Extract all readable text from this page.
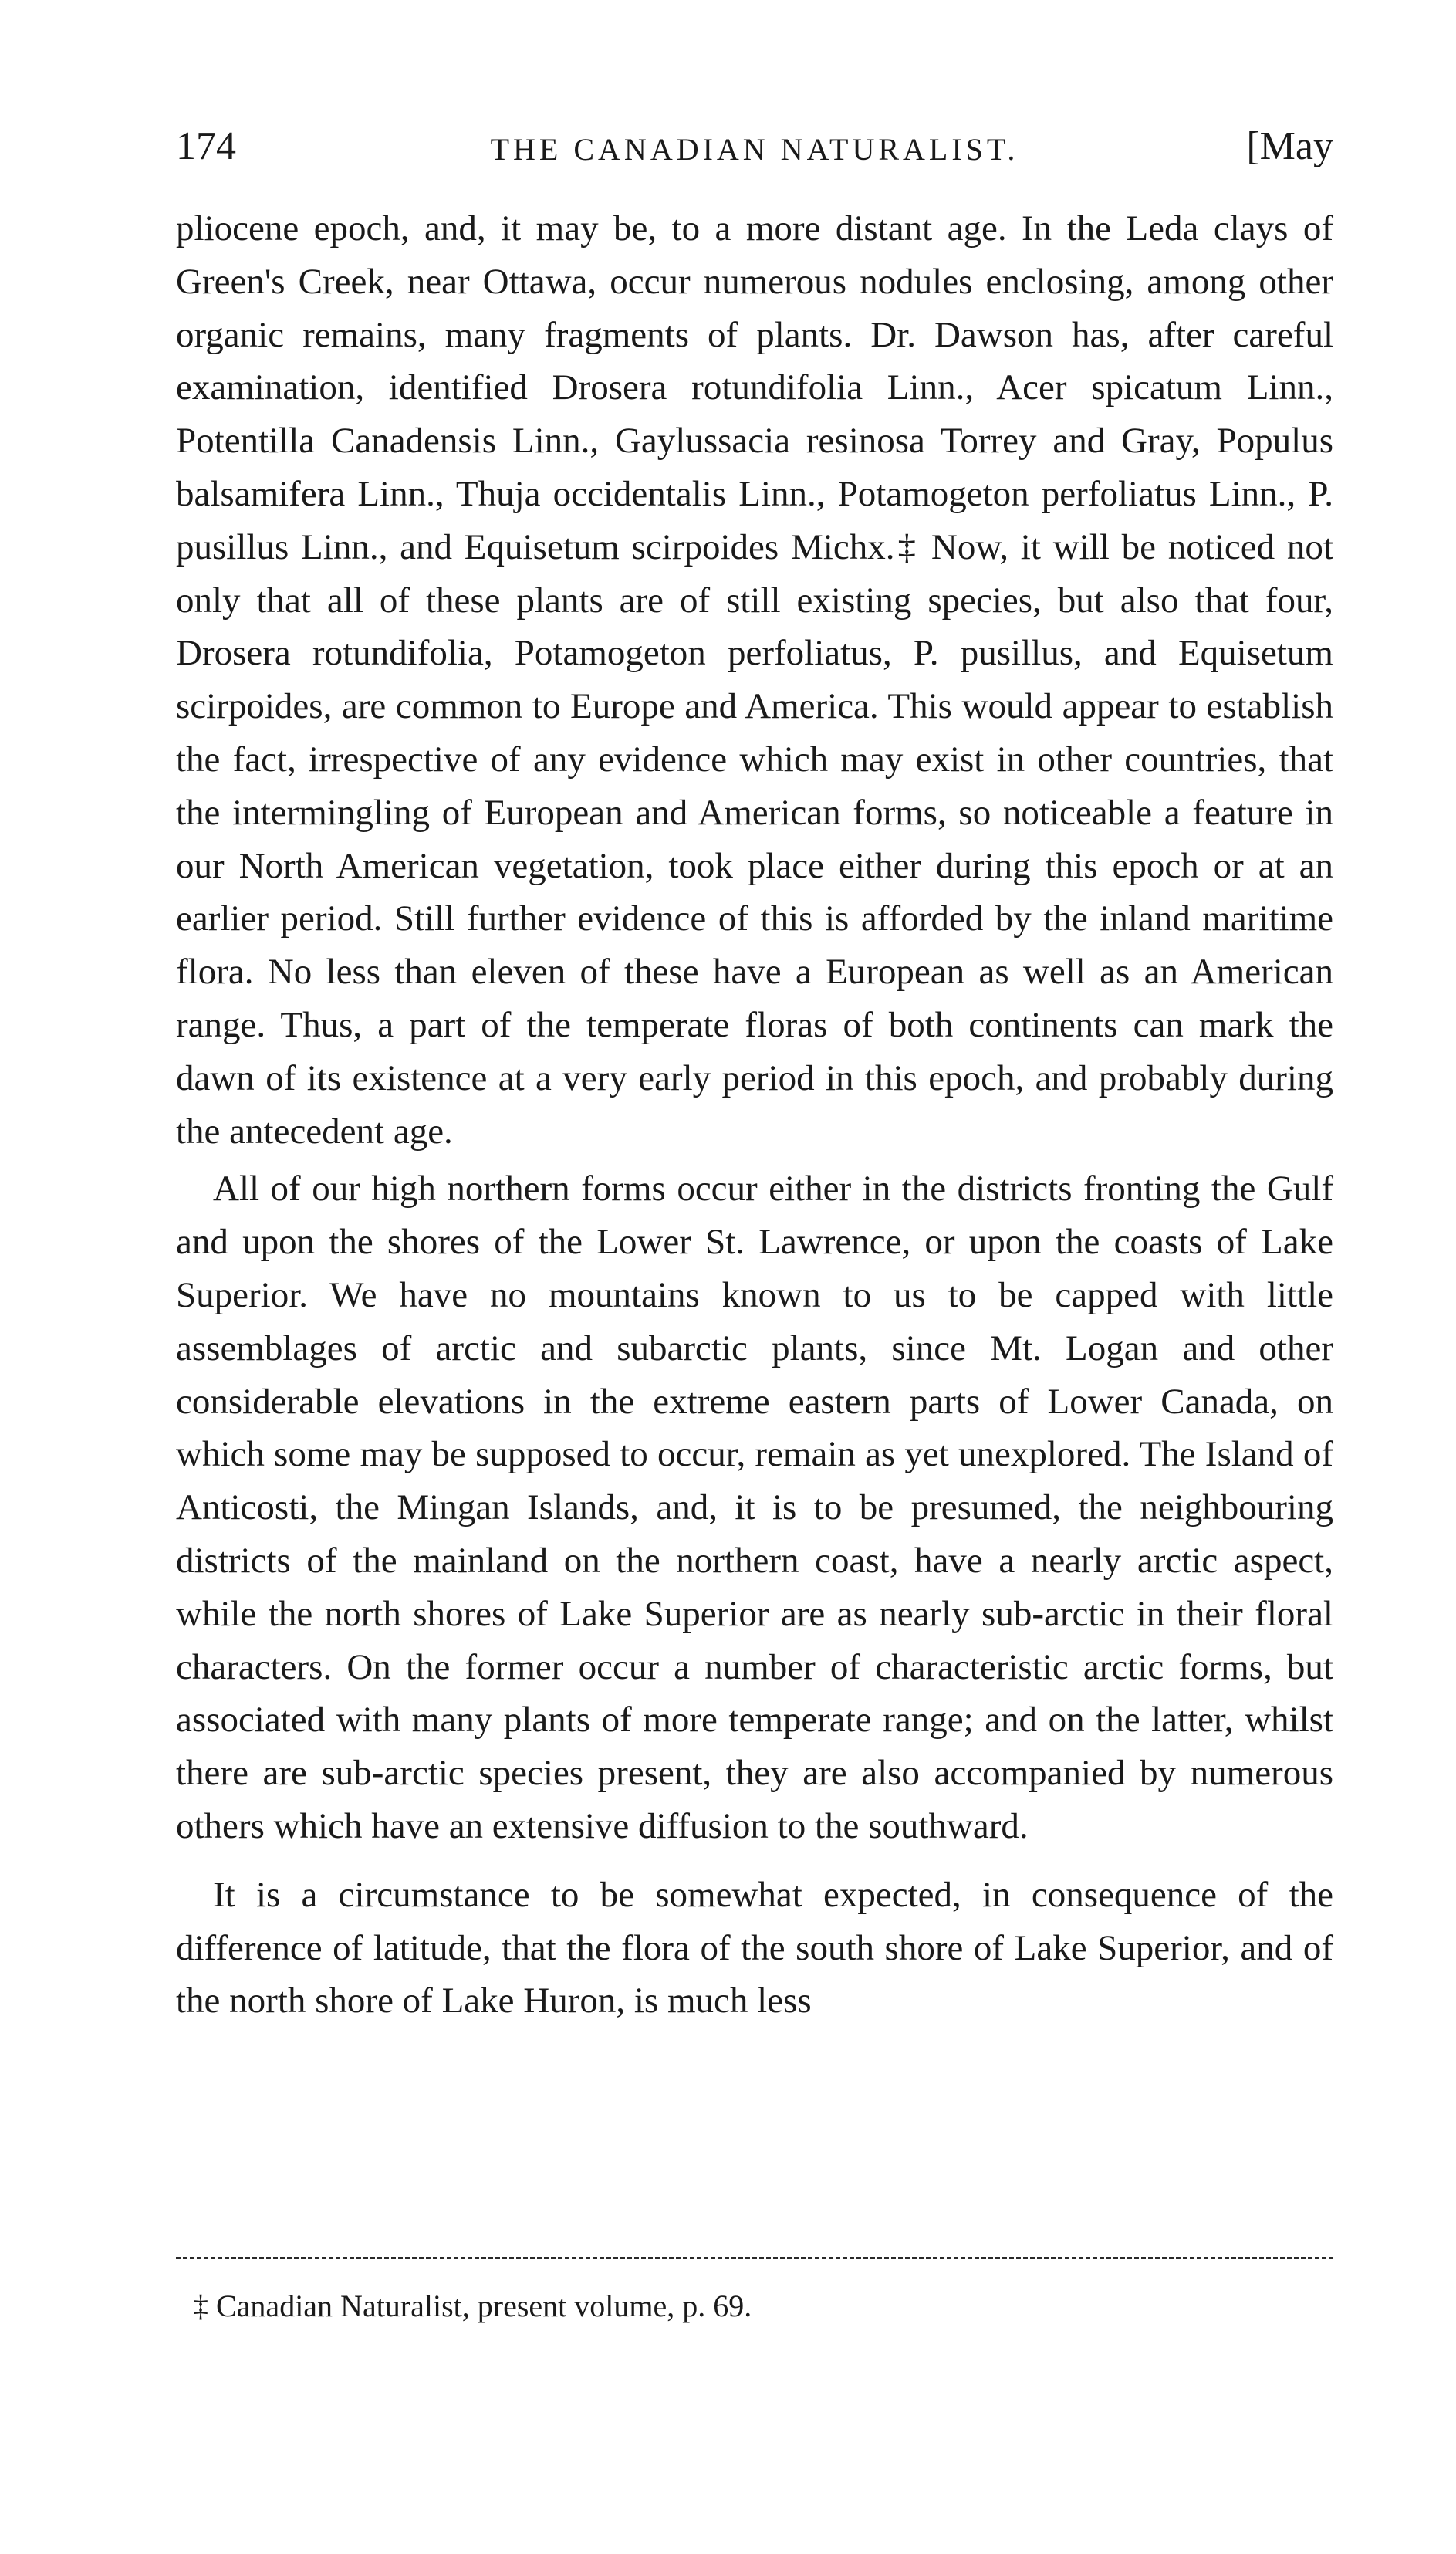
174	THE CANADIAN NATURALIST.	[May

pliocene epoch, and, it may be, to a more distant age. In the Leda clays of Green's Creek, near Ottawa, occur numerous nodules enclosing, among other organic remains, many fragments of plants. Dr. Dawson has, after careful examination, identified Drosera rotundifolia Linn., Acer spicatum Linn., Potentilla Canadensis Linn., Gaylussacia resinosa Torrey and Gray, Populus balsamifera Linn., Thuja occidentalis Linn., Potamogeton perfoliatus Linn., P. pusillus Linn., and Equisetum scirpoides Michx.‡ Now, it will be noticed not only that all of these plants are of still existing species, but also that four, Drosera rotundifolia, Potamogeton perfoliatus, P. pusillus, and Equisetum scirpoides, are common to Europe and America. This would appear to establish the fact, irrespective of any evidence which may exist in other countries, that the intermingling of European and American forms, so noticeable a feature in our North American vegetation, took place either during this epoch or at an earlier period. Still further evidence of this is afforded by the inland maritime flora. No less than eleven of these have a European as well as an American range. Thus, a part of the temperate floras of both continents can mark the dawn of its existence at a very early period in this epoch, and probably during the antecedent age.

All of our high northern forms occur either in the districts fronting the Gulf and upon the shores of the Lower St. Lawrence, or upon the coasts of Lake Superior. We have no mountains known to us to be capped with little assemblages of arctic and subarctic plants, since Mt. Logan and other considerable elevations in the extreme eastern parts of Lower Canada, on which some may be supposed to occur, remain as yet unexplored. The Island of Anticosti, the Mingan Islands, and, it is to be presumed, the neighbouring districts of the mainland on the northern coast, have a nearly arctic aspect, while the north shores of Lake Superior are as nearly sub-arctic in their floral characters. On the former occur a number of characteristic arctic forms, but associated with many plants of more temperate range; and on the latter, whilst there are sub-arctic species present, they are also accompanied by numerous others which have an extensive diffusion to the southward.

It is a circumstance to be somewhat expected, in consequence of the difference of latitude, that the flora of the south shore of Lake Superior, and of the north shore of Lake Huron, is much less

‡ Canadian Naturalist, present volume, p. 69.
